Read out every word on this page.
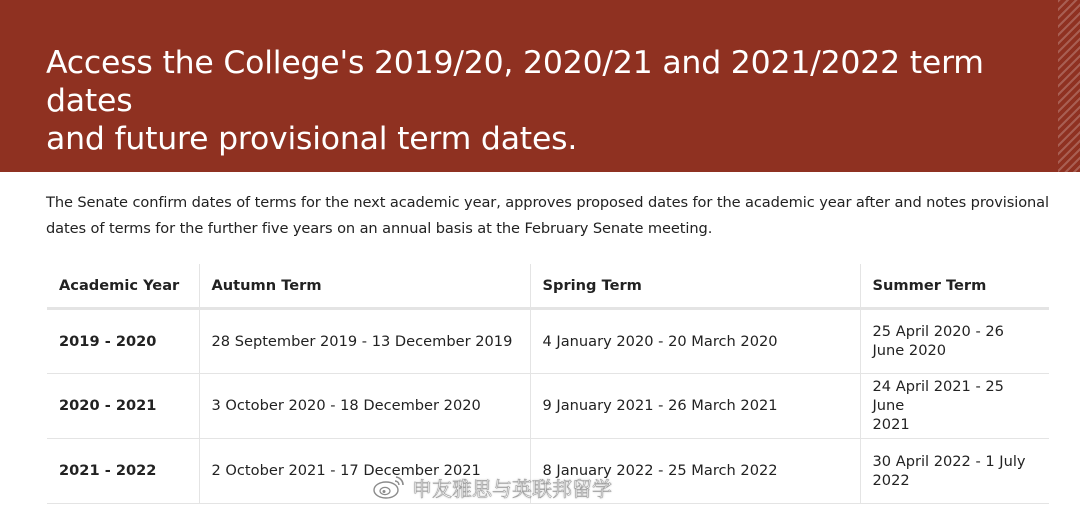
Access the College's 2019/20, 2020/21 and 2021/2022 term dates
and future provisional term dates.

The Senate confirm dates of terms for the next academic year, approves proposed dates for the academic year after and notes provisional
dates of terms for the further five years on an annual basis at the February Senate meeting.

Academic Year	Autumn Term	Spring Term	Summer Term
2019 - 2020	28 September 2019 - 13 December 2019	4 January 2020 - 20 March 2020	25 April 2020 - 26
June 2020

2020 - 2021	3 October 2020 - 18 December 2020	9 January 2021 - 26 March 2021	24 April 2021 - 25 June
2021

2021 - 2022	2 October 2021 - 17 December 2021	8 January 2022 - 25 March 2022	30 April 2022 - 1 July
2022
申友雅思与英联邦留学
